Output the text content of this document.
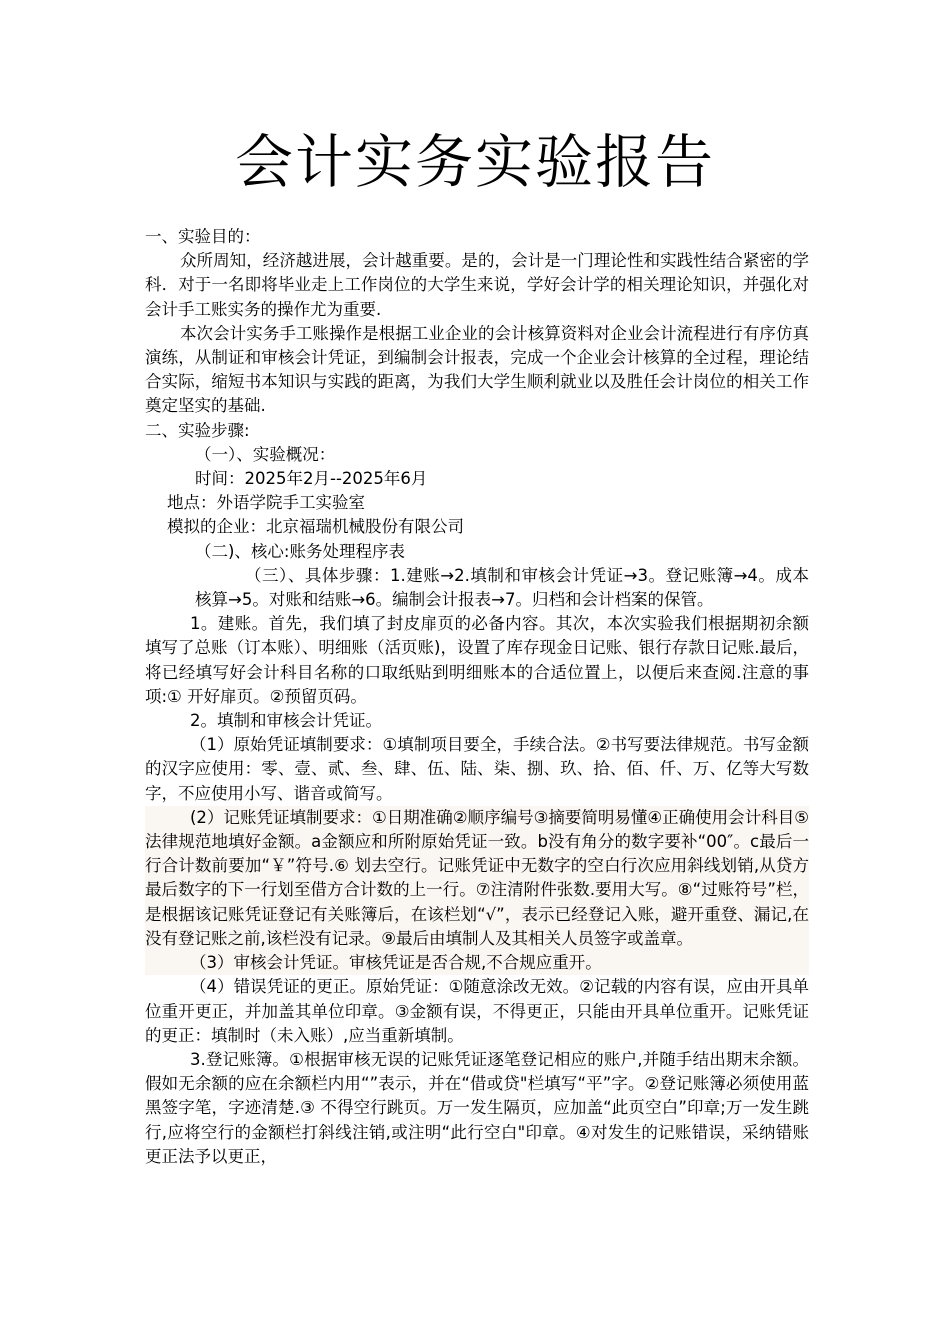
会计实务实验报告

一、实验目的：

众所周知，经济越进展，会计越重要。是的，会计是一门理论性和实践性结合紧密的学科．对于一名即将毕业走上工作岗位的大学生来说，学好会计学的相关理论知识，并强化对会计手工账实务的操作尤为重要.

本次会计实务手工账操作是根据工业企业的会计核算资料对企业会计流程进行有序仿真演练，从制证和审核会计凭证，到编制会计报表，完成一个企业会计核算的全过程，理论结合实际，缩短书本知识与实践的距离，为我们大学生顺利就业以及胜任会计岗位的相关工作奠定坚实的基础.

二、实验步骤:

（一）、实验概况：

时间：2025年2月--2025年6月

地点：外语学院手工实验室

模拟的企业：北京福瑞机械股份有限公司

（二)、核心:账务处理程序表

（三）、具体步骤：1.建账→2.填制和审核会计凭证→3。登记账簿→4。成本核算→5。对账和结账→6。编制会计报表→7。归档和会计档案的保管。

1。建账。首先，我们填了封皮扉页的必备内容。其次，本次实验我们根据期初余额填写了总账（订本账）、明细账（活页账)，设置了库存现金日记账、银行存款日记账.最后，将已经填写好会计科目名称的口取纸贴到明细账本的合适位置上，以便后来查阅.注意的事项:① 开好扉页。②预留页码。

2。填制和审核会计凭证。

（1）原始凭证填制要求：①填制项目要全，手续合法。②书写要法律规范。书写金额的汉字应使用：零、壹、贰、叁、肆、伍、陆、柒、捌、玖、拾、佰、仟、万、亿等大写数字，不应使用小写、谐音或简写。

(2）记账凭证填制要求：①日期准确②顺序编号③摘要简明易懂④正确使用会计科目⑤法律规范地填好金额。a金额应和所附原始凭证一致。b没有角分的数字要补“00″。c最后一行合计数前要加“￥”符号.⑥ 划去空行。记账凭证中无数字的空白行次应用斜线划销,从贷方最后数字的下一行划至借方合计数的上一行。⑦注清附件张数.要用大写。⑧“过账符号”栏，是根据该记账凭证登记有关账簿后，在该栏划“√”，表示已经登记入账，避开重登、漏记,在没有登记账之前,该栏没有记录。⑨最后由填制人及其相关人员签字或盖章。

（3）审核会计凭证。审核凭证是否合规,不合规应重开。

（4）错误凭证的更正。原始凭证：①随意涂改无效。②记载的内容有误，应由开具单位重开更正，并加盖其单位印章。③金额有误，不得更正，只能由开具单位重开。记账凭证的更正：填制时（未入账）,应当重新填制。

3.登记账簿。①根据审核无误的记账凭证逐笔登记相应的账户,并随手结出期末余额。假如无余额的应在余额栏内用“”表示，并在“借或贷"栏填写“平”字。②登记账簿必须使用蓝黑签字笔，字迹清楚.③ 不得空行跳页。万一发生隔页，应加盖“此页空白”印章;万一发生跳行,应将空行的金额栏打斜线注销,或注明“此行空白"印章。④对发生的记账错误，采纳错账更正法予以更正，
